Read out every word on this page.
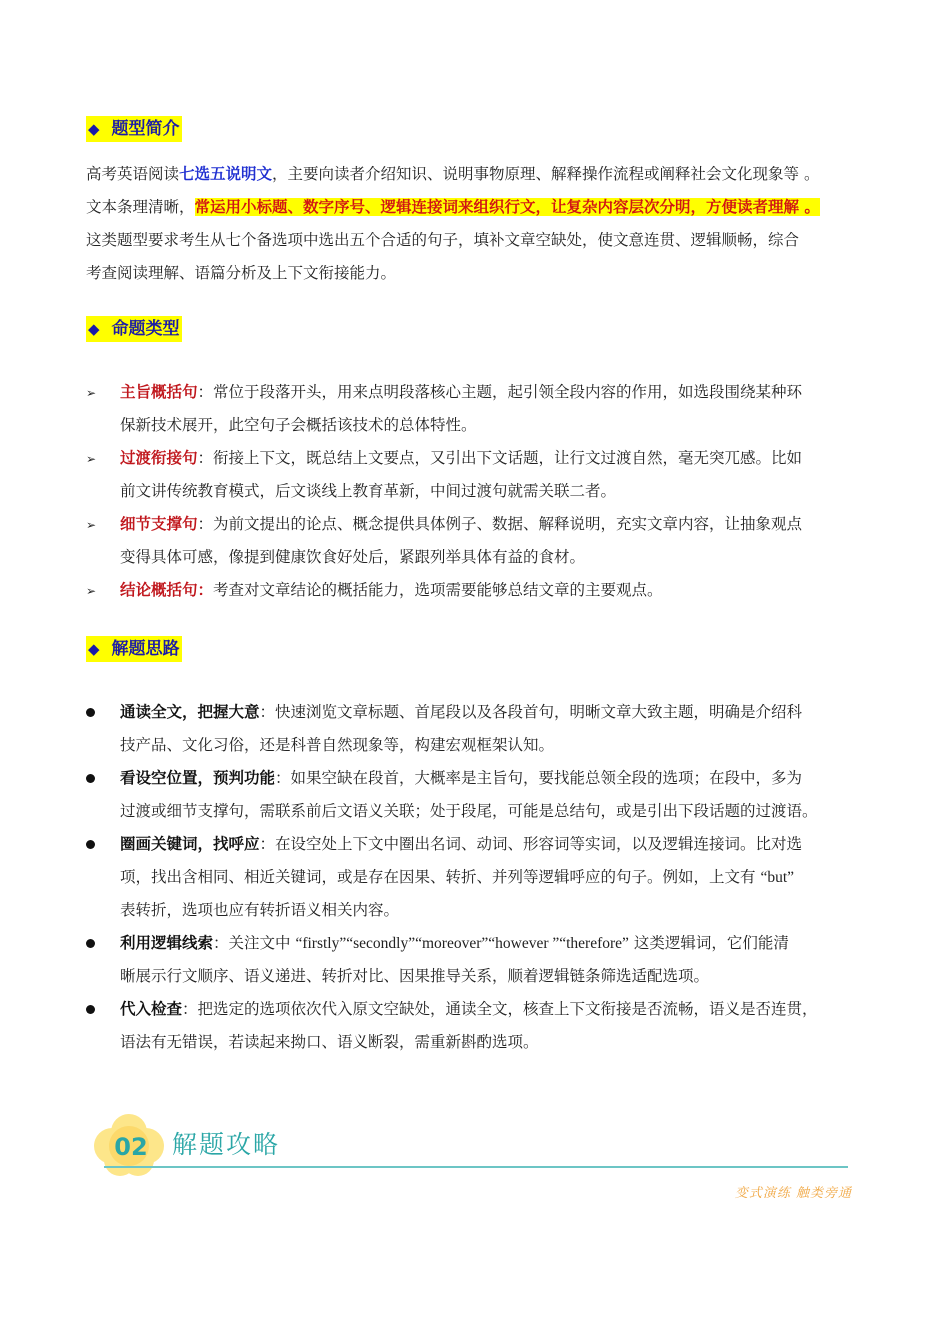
◆ 题型简介
高考英语阅读七选五说明文，主要向读者介绍知识、说明事物原理、解释操作流程或阐释社会文化现象等 。
文本条理清晰，常运用小标题、数字序号、逻辑连接词来组织行文，让复杂内容层次分明，方便读者理解 。
这类题型要求考生从七个备选项中选出五个合适的句子，填补文章空缺处，使文意连贯、逻辑顺畅，综合
考查阅读理解、语篇分析及上下文衔接能力。
◆ 命题类型
➢	主旨概括句：常位于段落开头，用来点明段落核心主题，起引领全段内容的作用，如选段围绕某种环
保新技术展开，此空句子会概括该技术的总体特性。
➢	过渡衔接句：衔接上下文，既总结上文要点，又引出下文话题，让行文过渡自然，毫无突兀感。比如
前文讲传统教育模式，后文谈线上教育革新，中间过渡句就需关联二者。
➢	细节支撑句：为前文提出的论点、概念提供具体例子、数据、解释说明，充实文章内容，让抽象观点
变得具体可感，像提到健康饮食好处后，紧跟列举具体有益的食材。
➢	结论概括句：考查对文章结论的概括能力，选项需要能够总结文章的主要观点。
◆ 解题思路
通读全文，把握大意：快速浏览文章标题、首尾段以及各段首句，明晰文章大致主题，明确是介绍科
技产品、文化习俗，还是科普自然现象等，构建宏观框架认知。
看设空位置，预判功能：如果空缺在段首，大概率是主旨句，要找能总领全段的选项；在段中，多为
过渡或细节支撑句，需联系前后文语义关联；处于段尾，可能是总结句，或是引出下段话题的过渡语。
圈画关键词，找呼应：在设空处上下文中圈出名词、动词、形容词等实词，以及逻辑连接词。比对选
项，找出含相同、相近关键词，或是存在因果、转折、并列等逻辑呼应的句子。例如，上文有 “but”
表转折，选项也应有转折语义相关内容。
利用逻辑线索：关注文中 “firstly”“secondly”“moreover”“however ”“therefore” 这类逻辑词，它们能清
晰展示行文顺序、语义递进、转折对比、因果推导关系，顺着逻辑链条筛选适配选项。
代入检查：把选定的选项依次代入原文空缺处，通读全文，核查上下文衔接是否流畅，语义是否连贯，
语法有无错误，若读起来拗口、语义断裂，需重新斟酌选项。
02 解题攻略
变式演练 触类旁通
